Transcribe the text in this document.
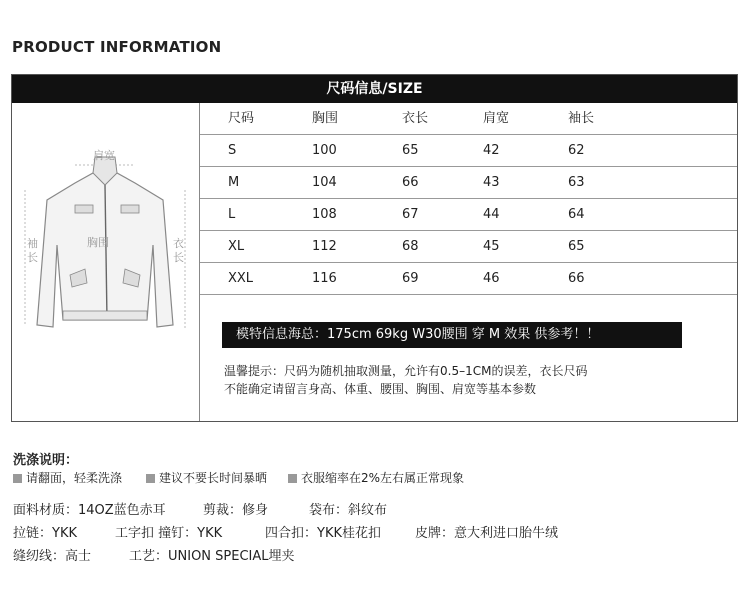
PRODUCT INFORMATION
尺码信息/SIZE
肩宽
胸围
袖
长
衣
长
尺码	胸围	衣长	肩宽	袖长
S	100	65	42	62
M	104	66	43	63
L	108	67	44	64
XL	112	68	45	65
XXL	116	69	46	66
模特信息海总：175cm 69kg W30腰围 穿 M 效果 供参考！！
温馨提示：尺码为随机抽取测量，允许有0.5–1CM的误差，衣长尺码
不能确定请留言身高、体重、腰围、胸围、肩宽等基本参数
洗涤说明：
请翻面，轻柔洗涤	建议不要长时间暴晒	衣服缩率在2%左右属正常现象
面料材质：14OZ蓝色赤耳	剪裁：修身	袋布：斜纹布
拉链：YKK	工字扣 撞钉：YKK	四合扣：YKK桂花扣	皮牌：意大利进口胎牛绒
缝纫线：高士	工艺：UNION SPECIAL埋夹
